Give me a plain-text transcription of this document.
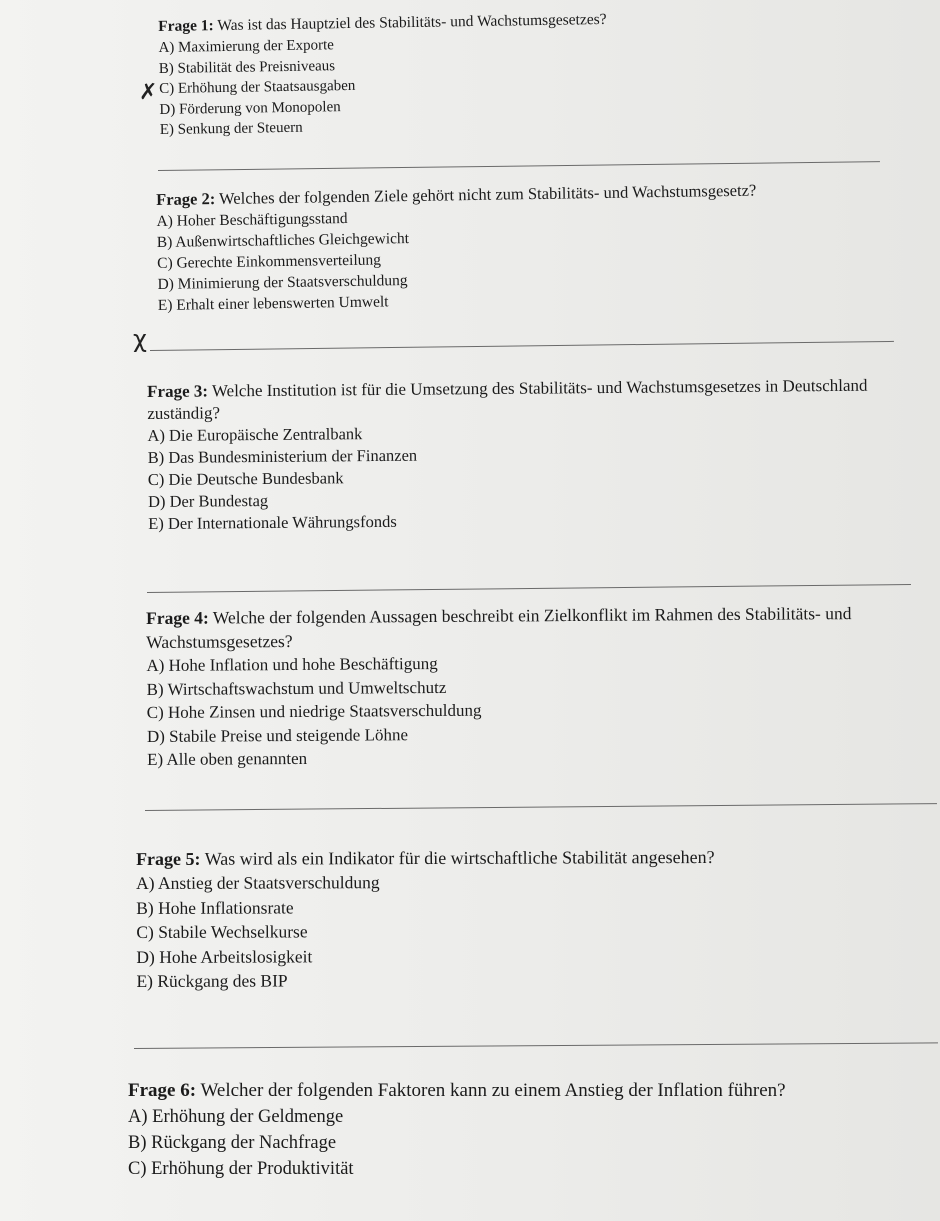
Frage 1: Was ist das Hauptziel des Stabilitäts- und Wachstumsgesetzes?
A) Maximierung der Exporte
B) Stabilität des Preisniveaus
C) Erhöhung der Staatsausgaben
D) Förderung von Monopolen
E) Senkung der Steuern
✗
Frage 2: Welches der folgenden Ziele gehört nicht zum Stabilitäts- und Wachstumsgesetz?
A) Hoher Beschäftigungsstand
B) Außenwirtschaftliches Gleichgewicht
C) Gerechte Einkommensverteilung
D) Minimierung der Staatsverschuldung
E) Erhalt einer lebenswerten Umwelt
χ
Frage 3: Welche Institution ist für die Umsetzung des Stabilitäts- und Wachstumsgesetzes in Deutschland zuständig?
A) Die Europäische Zentralbank
B) Das Bundesministerium der Finanzen
C) Die Deutsche Bundesbank
D) Der Bundestag
E) Der Internationale Währungsfonds
Frage 4: Welche der folgenden Aussagen beschreibt ein Zielkonflikt im Rahmen des Stabilitäts- und Wachstumsgesetzes?
A) Hohe Inflation und hohe Beschäftigung
B) Wirtschaftswachstum und Umweltschutz
C) Hohe Zinsen und niedrige Staatsverschuldung
D) Stabile Preise und steigende Löhne
E) Alle oben genannten
Frage 5: Was wird als ein Indikator für die wirtschaftliche Stabilität angesehen?
A) Anstieg der Staatsverschuldung
B) Hohe Inflationsrate
C) Stabile Wechselkurse
D) Hohe Arbeitslosigkeit
E) Rückgang des BIP
Frage 6: Welcher der folgenden Faktoren kann zu einem Anstieg der Inflation führen?
A) Erhöhung der Geldmenge
B) Rückgang der Nachfrage
C) Erhöhung der Produktivität
